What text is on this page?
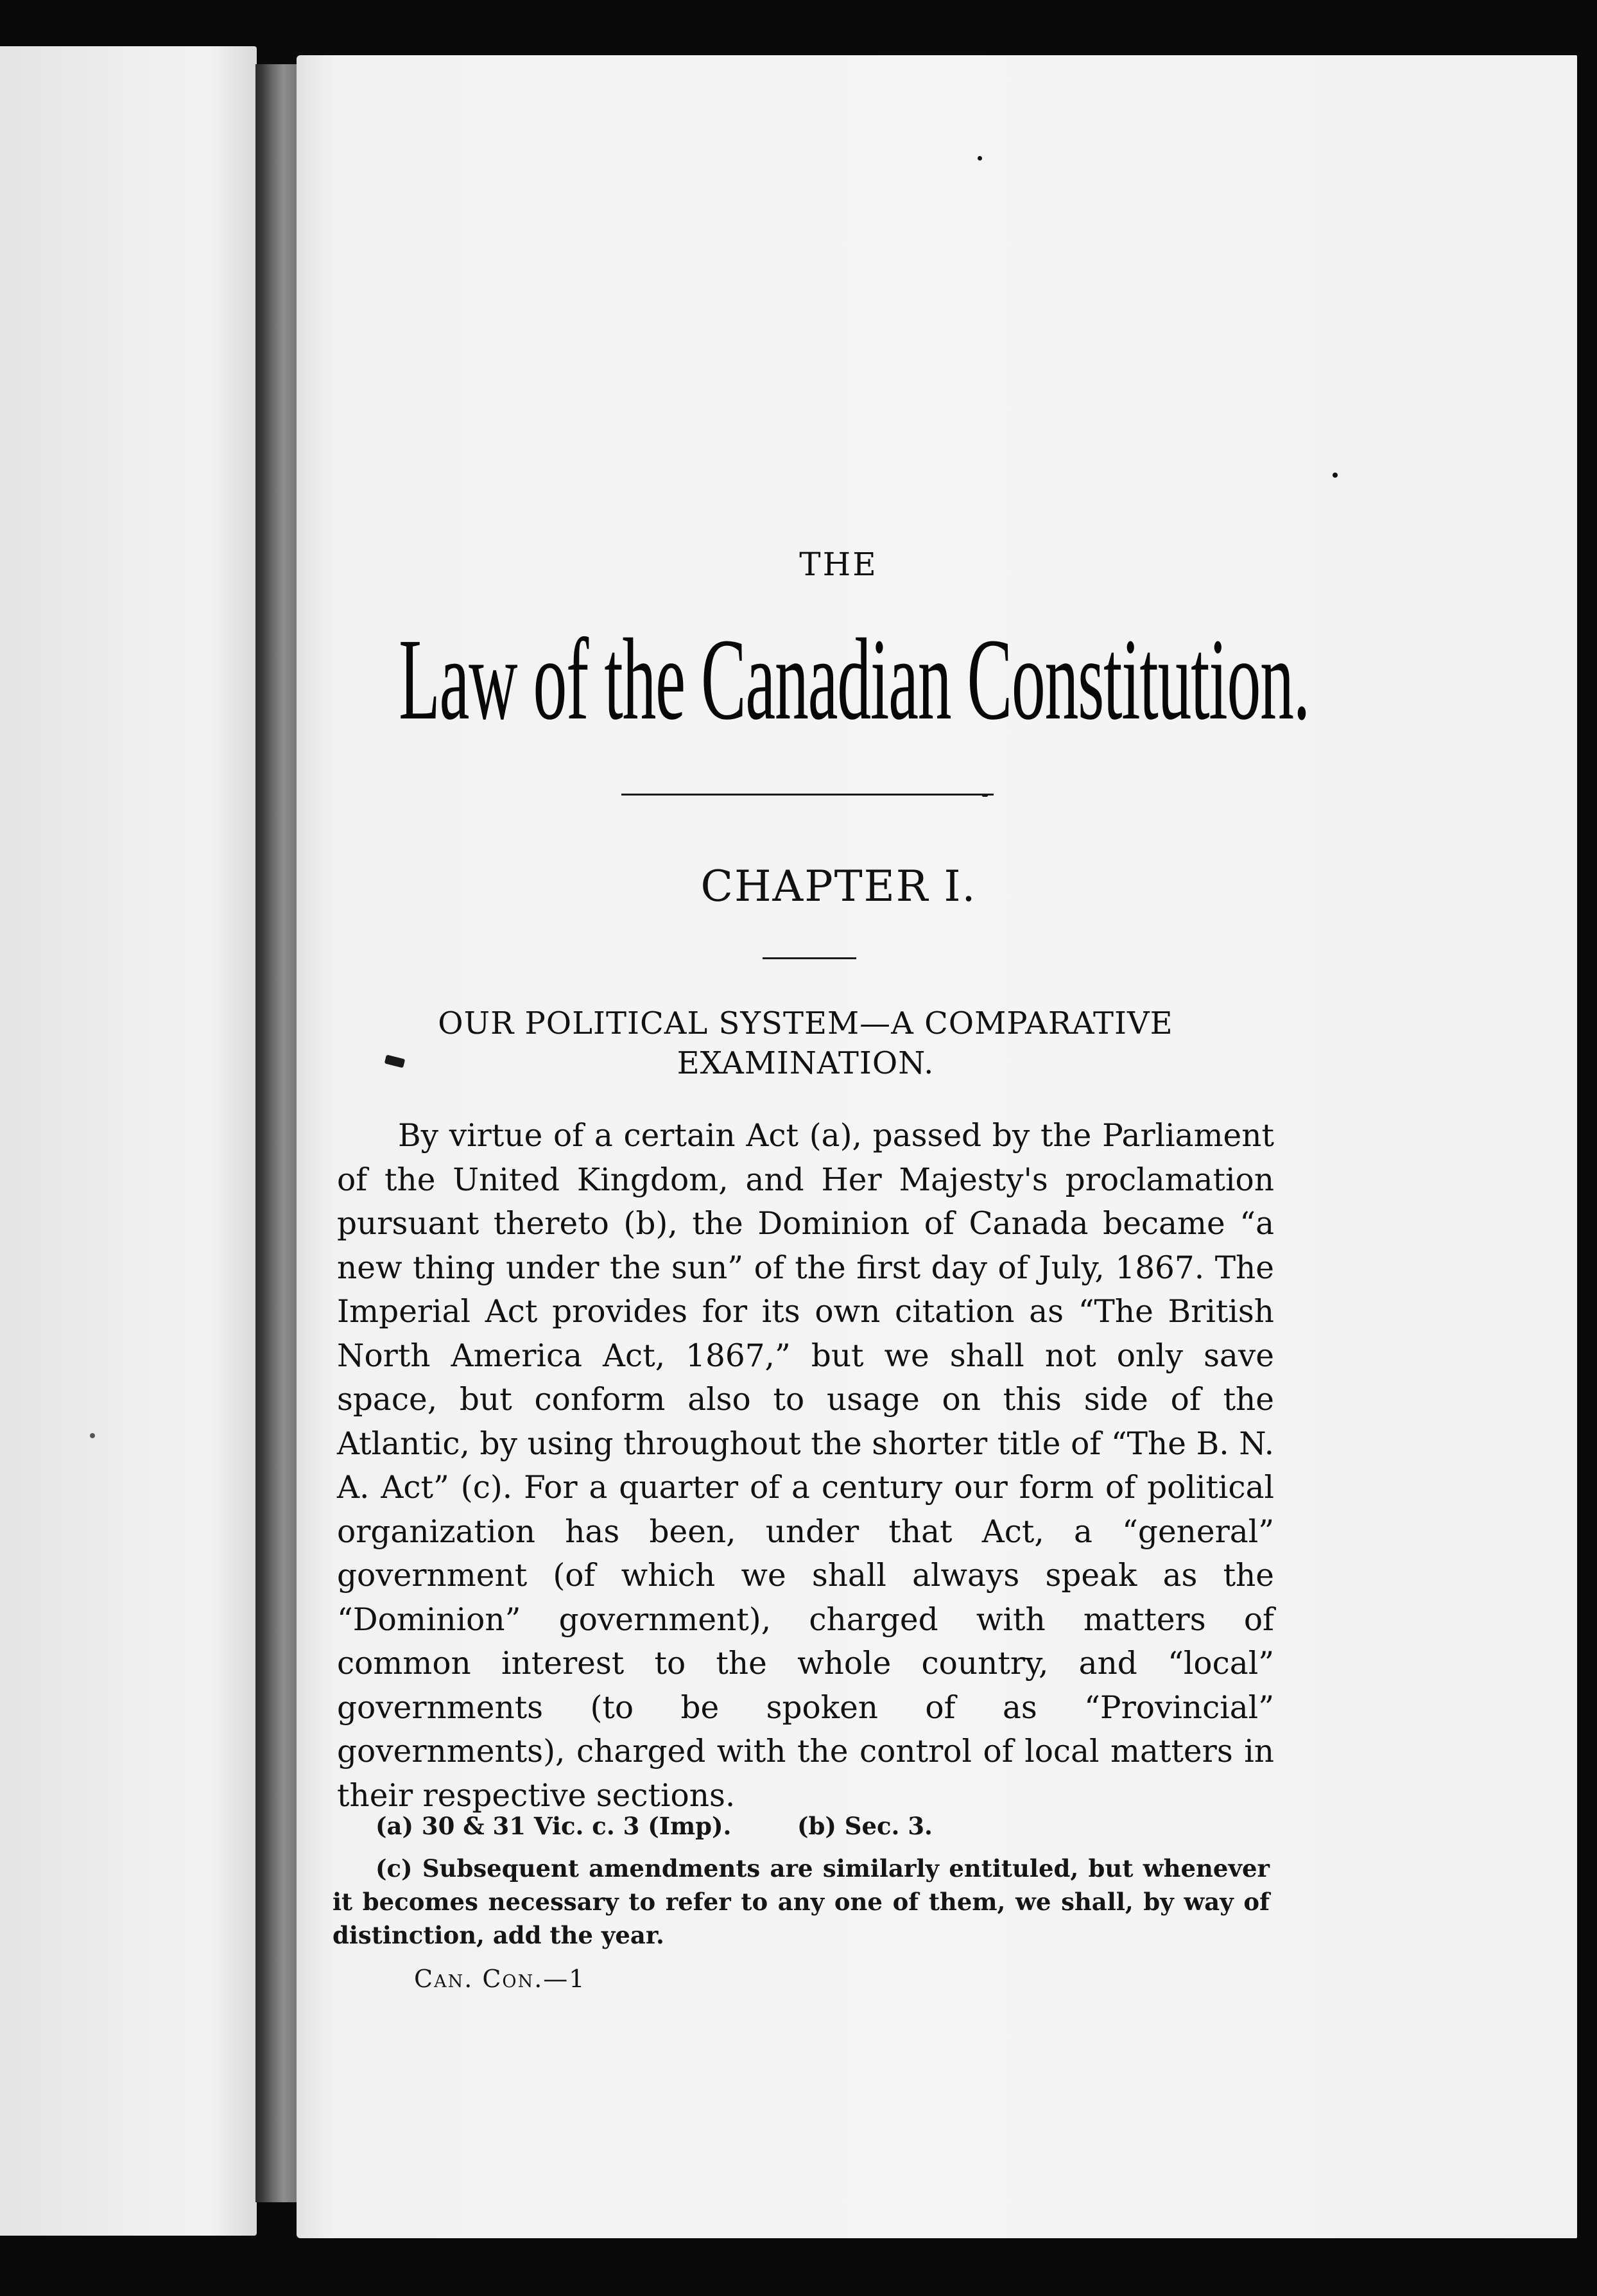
THE
Law of the Canadian Constitution.
CHAPTER I.
OUR POLITICAL SYSTEM—A COMPARATIVE EXAMINATION.

By virtue of a certain Act (a), passed by the Parliament of the United Kingdom, and Her Majesty's proclamation pursuant thereto (b), the Dominion of Canada became “a new thing under the sun” of the first day of July, 1867. The Imperial Act provides for its own citation as “The British North America Act, 1867,” but we shall not only save space, but conform also to usage on this side of the Atlantic, by using throughout the shorter title of “The B. N. A. Act” (c). For a quarter of a century our form of political organization has been, under that Act, a “general” government (of which we shall always speak as the “Dominion” government), charged with matters of common interest to the whole country, and “local” governments (to be spoken of as “Provincial” governments), charged with the control of local matters in their respective sections.

(a) 30 & 31 Vic. c. 3 (Imp).	(b) Sec. 3.

(c) Subsequent amendments are similarly entituled, but whenever it becomes necessary to refer to any one of them, we shall, by way of distinction, add the year.

Can. Con.—1
